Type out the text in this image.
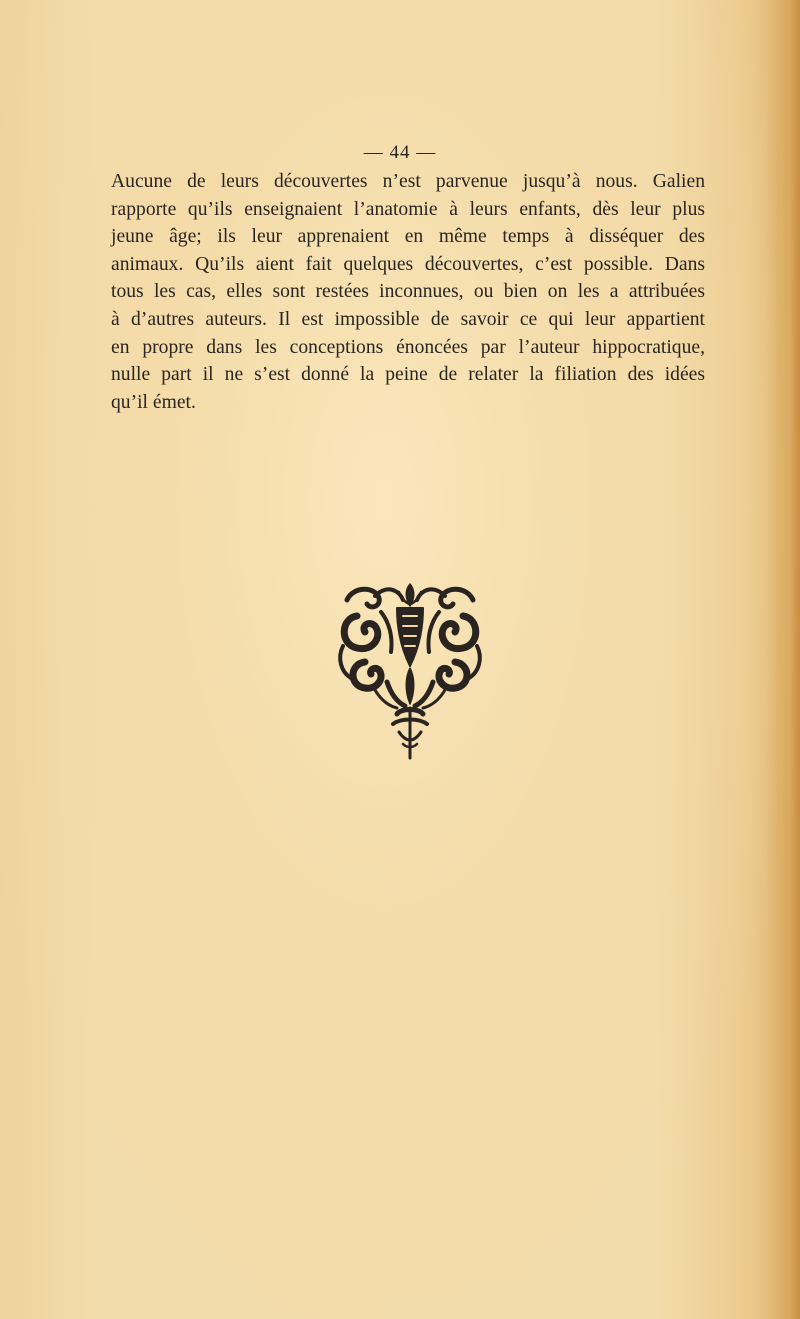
— 44 —
Aucune de leurs découvertes n’est parvenue jusqu’à nous. Galien
rapporte qu’ils enseignaient l’anatomie à leurs enfants, dès leur plus
jeune âge; ils leur apprenaient en même temps à disséquer des
animaux. Qu’ils aient fait quelques découvertes, c’est possible. Dans
tous les cas, elles sont restées inconnues, ou bien on les a attribuées
à d’autres auteurs. Il est impossible de savoir ce qui leur appartient
en propre dans les conceptions énoncées par l’auteur hippocratique,
nulle part il ne s’est donné la peine de relater la filiation des idées
qu’il émet.
